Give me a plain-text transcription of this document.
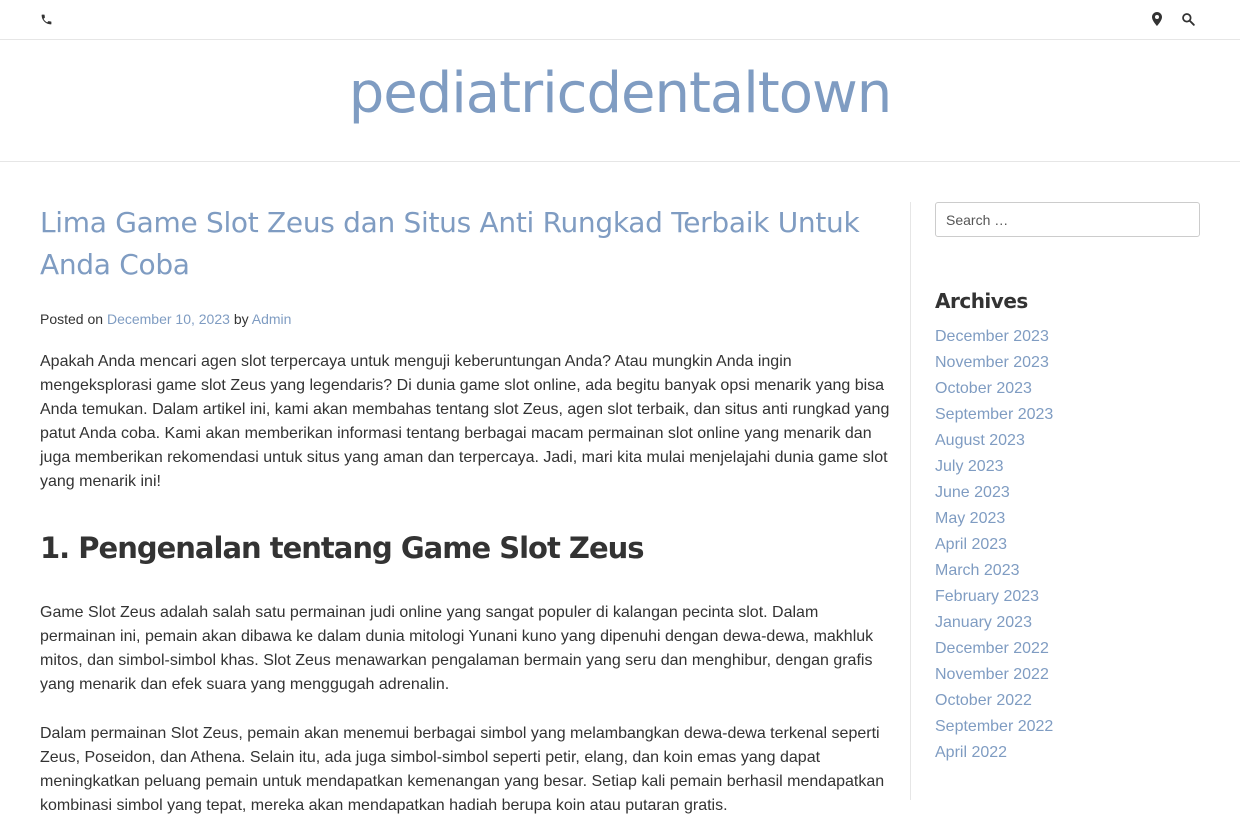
pediatricdentaltown
Lima Game Slot Zeus dan Situs Anti Rungkad Terbaik Untuk Anda Coba
Posted on December 10, 2023 by Admin

Apakah Anda mencari agen slot terpercaya untuk menguji keberuntungan Anda? Atau mungkin Anda ingin mengeksplorasi game slot Zeus yang legendaris? Di dunia game slot online, ada begitu banyak opsi menarik yang bisa Anda temukan. Dalam artikel ini, kami akan membahas tentang slot Zeus, agen slot terbaik, dan situs anti rungkad yang patut Anda coba. Kami akan memberikan informasi tentang berbagai macam permainan slot online yang menarik dan juga memberikan rekomendasi untuk situs yang aman dan terpercaya. Jadi, mari kita mulai menjelajahi dunia game slot yang menarik ini!

1. Pengenalan tentang Game Slot Zeus

Game Slot Zeus adalah salah satu permainan judi online yang sangat populer di kalangan pecinta slot. Dalam permainan ini, pemain akan dibawa ke dalam dunia mitologi Yunani kuno yang dipenuhi dengan dewa-dewa, makhluk mitos, dan simbol-simbol khas. Slot Zeus menawarkan pengalaman bermain yang seru dan menghibur, dengan grafis yang menarik dan efek suara yang menggugah adrenalin.

Dalam permainan Slot Zeus, pemain akan menemui berbagai simbol yang melambangkan dewa-dewa terkenal seperti Zeus, Poseidon, dan Athena. Selain itu, ada juga simbol-simbol seperti petir, elang, dan koin emas yang dapat meningkatkan peluang pemain untuk mendapatkan kemenangan yang besar. Setiap kali pemain berhasil mendapatkan kombinasi simbol yang tepat, mereka akan mendapatkan hadiah berupa koin atau putaran gratis.

Search …
Archives
December 2023
November 2023
October 2023
September 2023
August 2023
July 2023
June 2023
May 2023
April 2023
March 2023
February 2023
January 2023
December 2022
November 2022
October 2022
September 2022
April 2022
